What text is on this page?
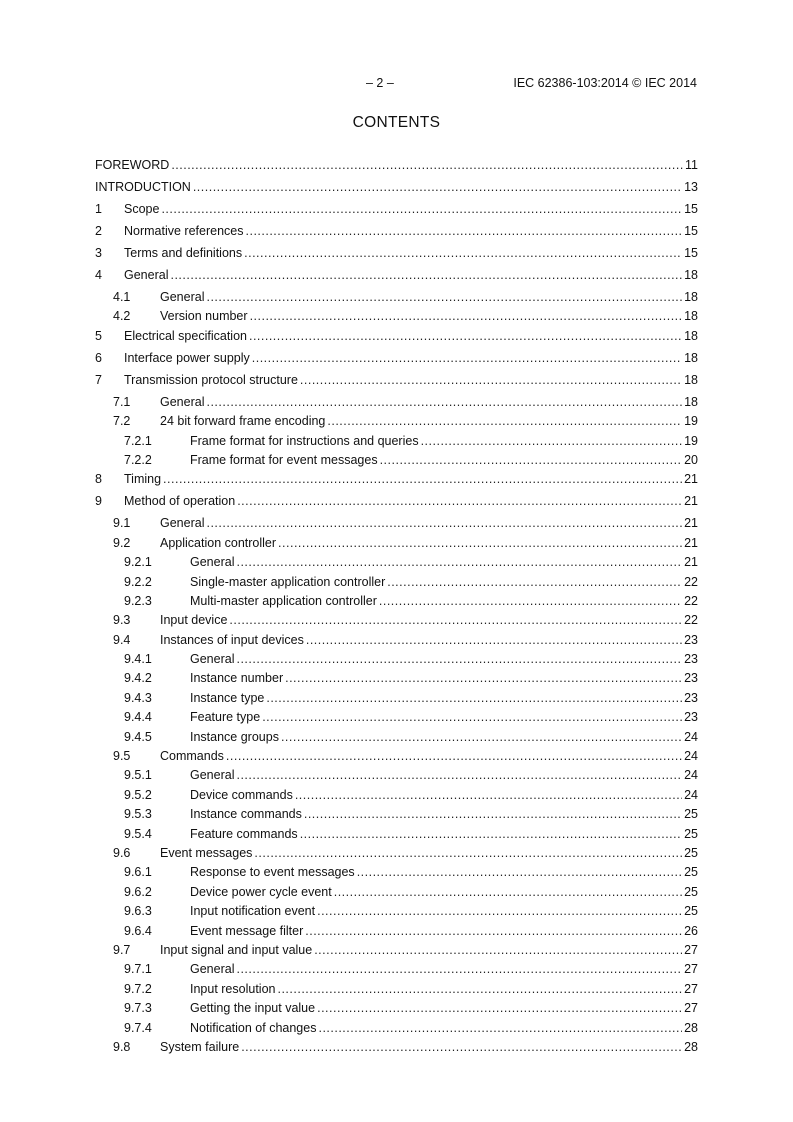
– 2 –	IEC 62386-103:2014 © IEC 2014
CONTENTS
FOREWORD .....	11
INTRODUCTION .....	13
1	Scope .....	15
2	Normative references .....	15
3	Terms and definitions .....	15
4	General .....	18
4.1	General .....	18
4.2	Version number .....	18
5	Electrical specification .....	18
6	Interface power supply .....	18
7	Transmission protocol structure .....	18
7.1	General .....	18
7.2	24 bit forward frame encoding .....	19
7.2.1	Frame format for instructions and queries .....	19
7.2.2	Frame format for event messages .....	20
8	Timing .....	21
9	Method of operation .....	21
9.1	General .....	21
9.2	Application controller .....	21
9.2.1	General .....	21
9.2.2	Single-master application controller .....	22
9.2.3	Multi-master application controller .....	22
9.3	Input device .....	22
9.4	Instances of input devices .....	23
9.4.1	General .....	23
9.4.2	Instance number .....	23
9.4.3	Instance type .....	23
9.4.4	Feature type .....	23
9.4.5	Instance groups .....	24
9.5	Commands .....	24
9.5.1	General .....	24
9.5.2	Device commands .....	24
9.5.3	Instance commands .....	25
9.5.4	Feature commands .....	25
9.6	Event messages .....	25
9.6.1	Response to event messages .....	25
9.6.2	Device power cycle event .....	25
9.6.3	Input notification event .....	25
9.6.4	Event message filter .....	26
9.7	Input signal and input value .....	27
9.7.1	General .....	27
9.7.2	Input resolution .....	27
9.7.3	Getting the input value .....	27
9.7.4	Notification of changes .....	28
9.8	System failure .....	28
